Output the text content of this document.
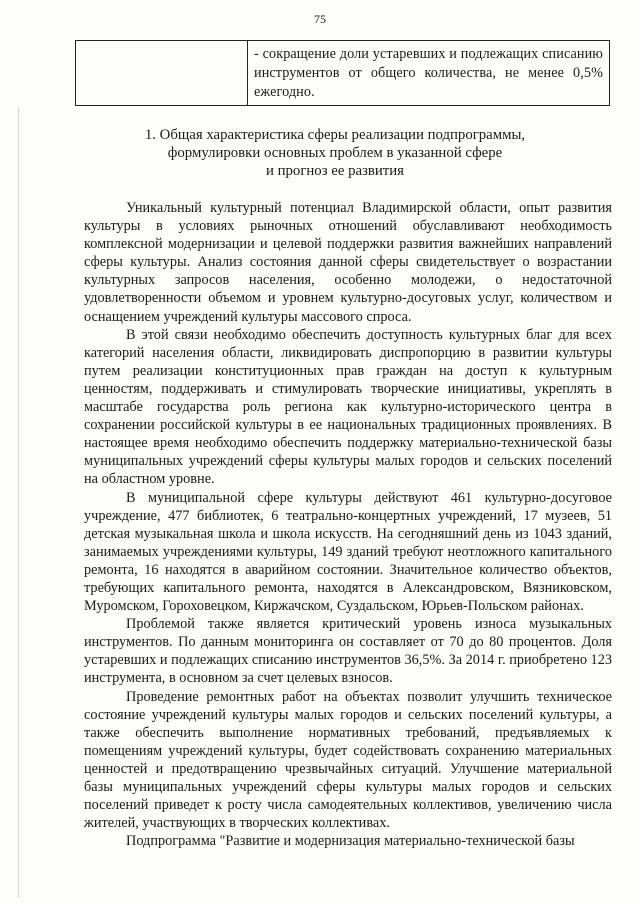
75
- сокращение доли устаревших и подлежащих списанию инструментов от общего количества, не менее 0,5% ежегодно.
1. Общая характеристика сферы реализации подпрограммы,
формулировки основных проблем в указанной сфере
и прогноз ее развития

Уникальный культурный потенциал Владимирской области, опыт развития культуры в условиях рыночных отношений обуславливают необходимость комплексной модернизации и целевой поддержки развития важнейших направлений сферы культуры. Анализ состояния данной сферы свидетельствует о возрастании культурных запросов населения, особенно молодежи, о недостаточной удовлетворенности объемом и уровнем культурно-досуговых услуг, количеством и оснащением учреждений культуры массового спроса.

В этой связи необходимо обеспечить доступность культурных благ для всех категорий населения области, ликвидировать диспропорцию в развитии культуры путем реализации конституционных прав граждан на доступ к культурным ценностям, поддерживать и стимулировать творческие инициативы, укреплять в масштабе государства роль региона как культурно-исторического центра в сохранении российской культуры в ее национальных традиционных проявлениях. В настоящее время необходимо обеспечить поддержку материально-технической базы муниципальных учреждений сферы культуры малых городов и сельских поселений на областном уровне.

В муниципальной сфере культуры действуют 461 культурно-досуговое учреждение, 477 библиотек, 6 театрально-концертных учреждений, 17 музеев, 51 детская музыкальная школа и школа искусств. На сегодняшний день из 1043 зданий, занимаемых учреждениями культуры, 149 зданий требуют неотложного капитального ремонта, 16 находятся в аварийном состоянии. Значительное количество объектов, требующих капитального ремонта, находятся в Александровском, Вязниковском, Муромском, Гороховецком, Киржачском, Суздальском, Юрьев-Польском районах.

Проблемой также является критический уровень износа музыкальных инструментов. По данным мониторинга он составляет от 70 до 80 процентов. Доля устаревших и подлежащих списанию инструментов 36,5%. За 2014 г. приобретено 123 инструмента, в основном за счет целевых взносов.

Проведение ремонтных работ на объектах позволит улучшить техническое состояние учреждений культуры малых городов и сельских поселений культуры, а также обеспечить выполнение нормативных требований, предъявляемых к помещениям учреждений культуры, будет содействовать сохранению материальных ценностей и предотвращению чрезвычайных ситуаций. Улучшение материальной базы муниципальных учреждений сферы культуры малых городов и сельских поселений приведет к росту числа самодеятельных коллективов, увеличению числа жителей, участвующих в творческих коллективах.

Подпрограмма "Развитие и модернизация материально-технической базы
